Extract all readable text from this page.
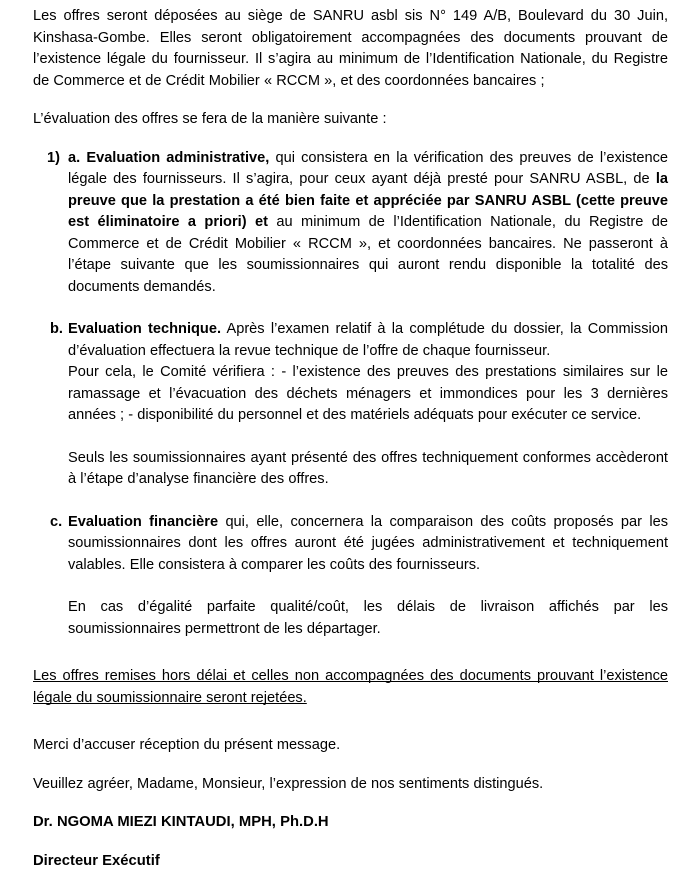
Les offres seront déposées au siège de SANRU asbl sis N° 149 A/B, Boulevard du 30 Juin, Kinshasa-Gombe. Elles seront obligatoirement accompagnées des documents prouvant de l’existence légale du fournisseur. Il s’agira au minimum de l’Identification Nationale, du Registre de Commerce et de Crédit Mobilier « RCCM », et des coordonnées bancaires ;

L’évaluation des offres se fera de la manière suivante :

1) a. Evaluation administrative, qui consistera en la vérification des preuves de l’existence légale des fournisseurs. Il s’agira, pour ceux ayant déjà presté pour SANRU ASBL, de la preuve que la prestation a été bien faite et appréciée par SANRU ASBL (cette preuve est éliminatoire a priori) et au minimum de l’Identification Nationale, du Registre de Commerce et de Crédit Mobilier « RCCM », et coordonnées bancaires. Ne passeront à l’étape suivante que les soumissionnaires qui auront rendu disponible la totalité des documents demandés.
b. Evaluation technique. Après l’examen relatif à la complétude du dossier, la Commission d’évaluation effectuera la revue technique de l’offre de chaque fournisseur.

Pour cela, le Comité vérifiera : - l’existence des preuves des prestations similaires sur le ramassage et l’évacuation des déchets ménagers et immondices pour les 3 dernières années ; - disponibilité du personnel et des matériels adéquats pour exécuter ce service.

Seuls les soumissionnaires ayant présenté des offres techniquement conformes accèderont à l’étape d’analyse financière des offres.

c. Evaluation financière qui, elle, concernera la comparaison des coûts proposés par les soumissionnaires dont les offres auront été jugées administrativement et techniquement valables. Elle consistera à comparer les coûts des fournisseurs.

En cas d’égalité parfaite qualité/coût, les délais de livraison affichés par les soumissionnaires permettront de les départager.

Les offres remises hors délai et celles non accompagnées des documents prouvant l’existence légale du soumissionnaire seront rejetées.

Merci d’accuser réception du présent message.

Veuillez agréer, Madame, Monsieur, l’expression de nos sentiments distingués.

Dr. NGOMA MIEZI KINTAUDI, MPH, Ph.D.H

Directeur Exécutif
